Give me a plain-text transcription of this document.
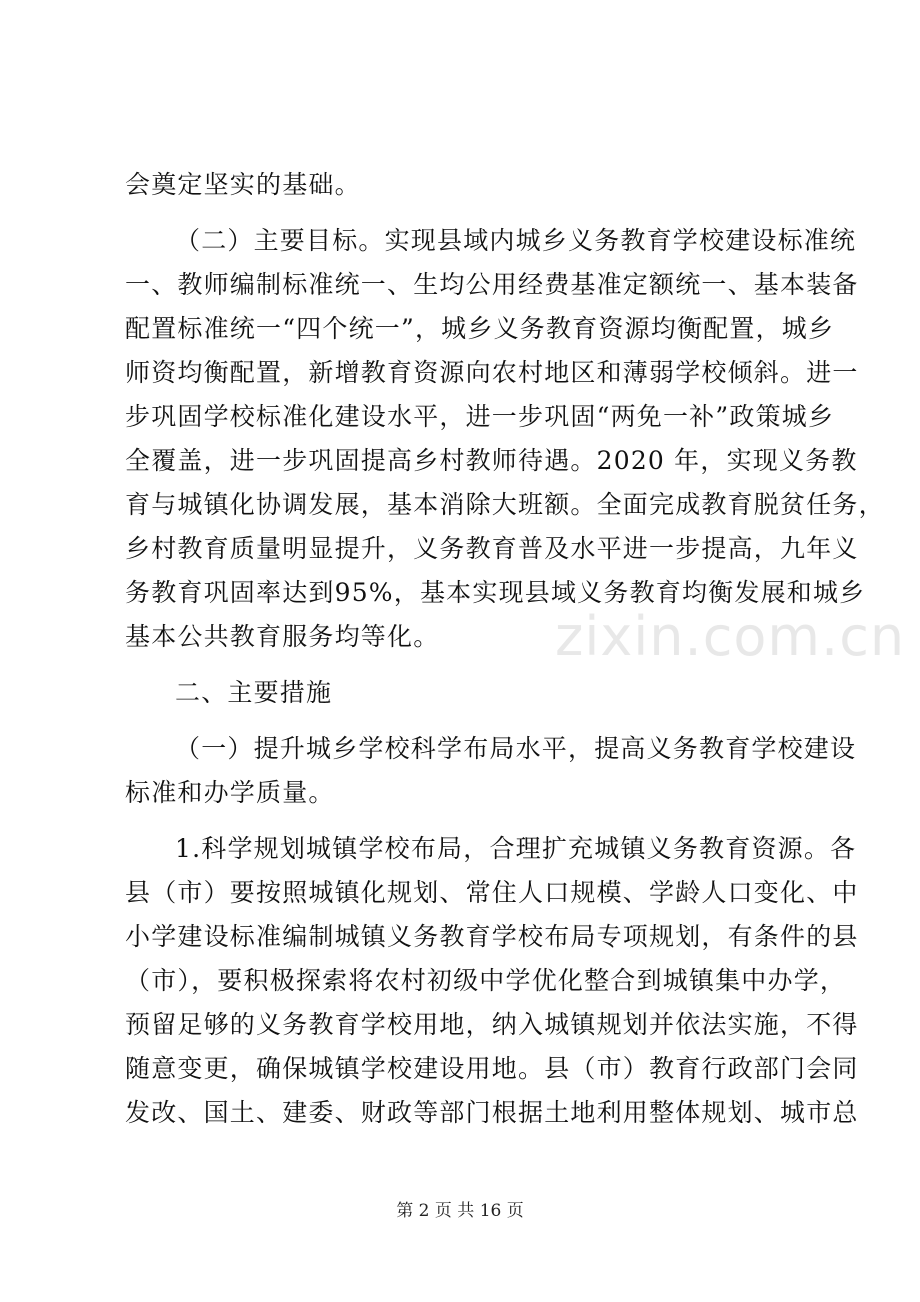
会奠定坚实的基础。
（二）主要目标。实现县域内城乡义务教育学校建设标准统
一、教师编制标准统一、生均公用经费基准定额统一、基本装备
配置标准统一“四个统一”，城乡义务教育资源均衡配置，城乡
师资均衡配置，新增教育资源向农村地区和薄弱学校倾斜。进一
步巩固学校标准化建设水平，进一步巩固“两免一补”政策城乡
全覆盖，进一步巩固提高乡村教师待遇。2020 年，实现义务教
育与城镇化协调发展，基本消除大班额。全面完成教育脱贫任务，
乡村教育质量明显提升，义务教育普及水平进一步提高，九年义
务教育巩固率达到95%，基本实现县域义务教育均衡发展和城乡
基本公共教育服务均等化。
二、主要措施
（一）提升城乡学校科学布局水平，提高义务教育学校建设
标准和办学质量。
1.科学规划城镇学校布局，合理扩充城镇义务教育资源。各
县（市）要按照城镇化规划、常住人口规模、学龄人口变化、中
小学建设标准编制城镇义务教育学校布局专项规划，有条件的县
（市），要积极探索将农村初级中学优化整合到城镇集中办学，
预留足够的义务教育学校用地，纳入城镇规划并依法实施，不得
随意变更，确保城镇学校建设用地。县（市）教育行政部门会同
发改、国土、建委、财政等部门根据土地利用整体规划、城市总
zixin.com.cn
第 2 页 共 16 页
